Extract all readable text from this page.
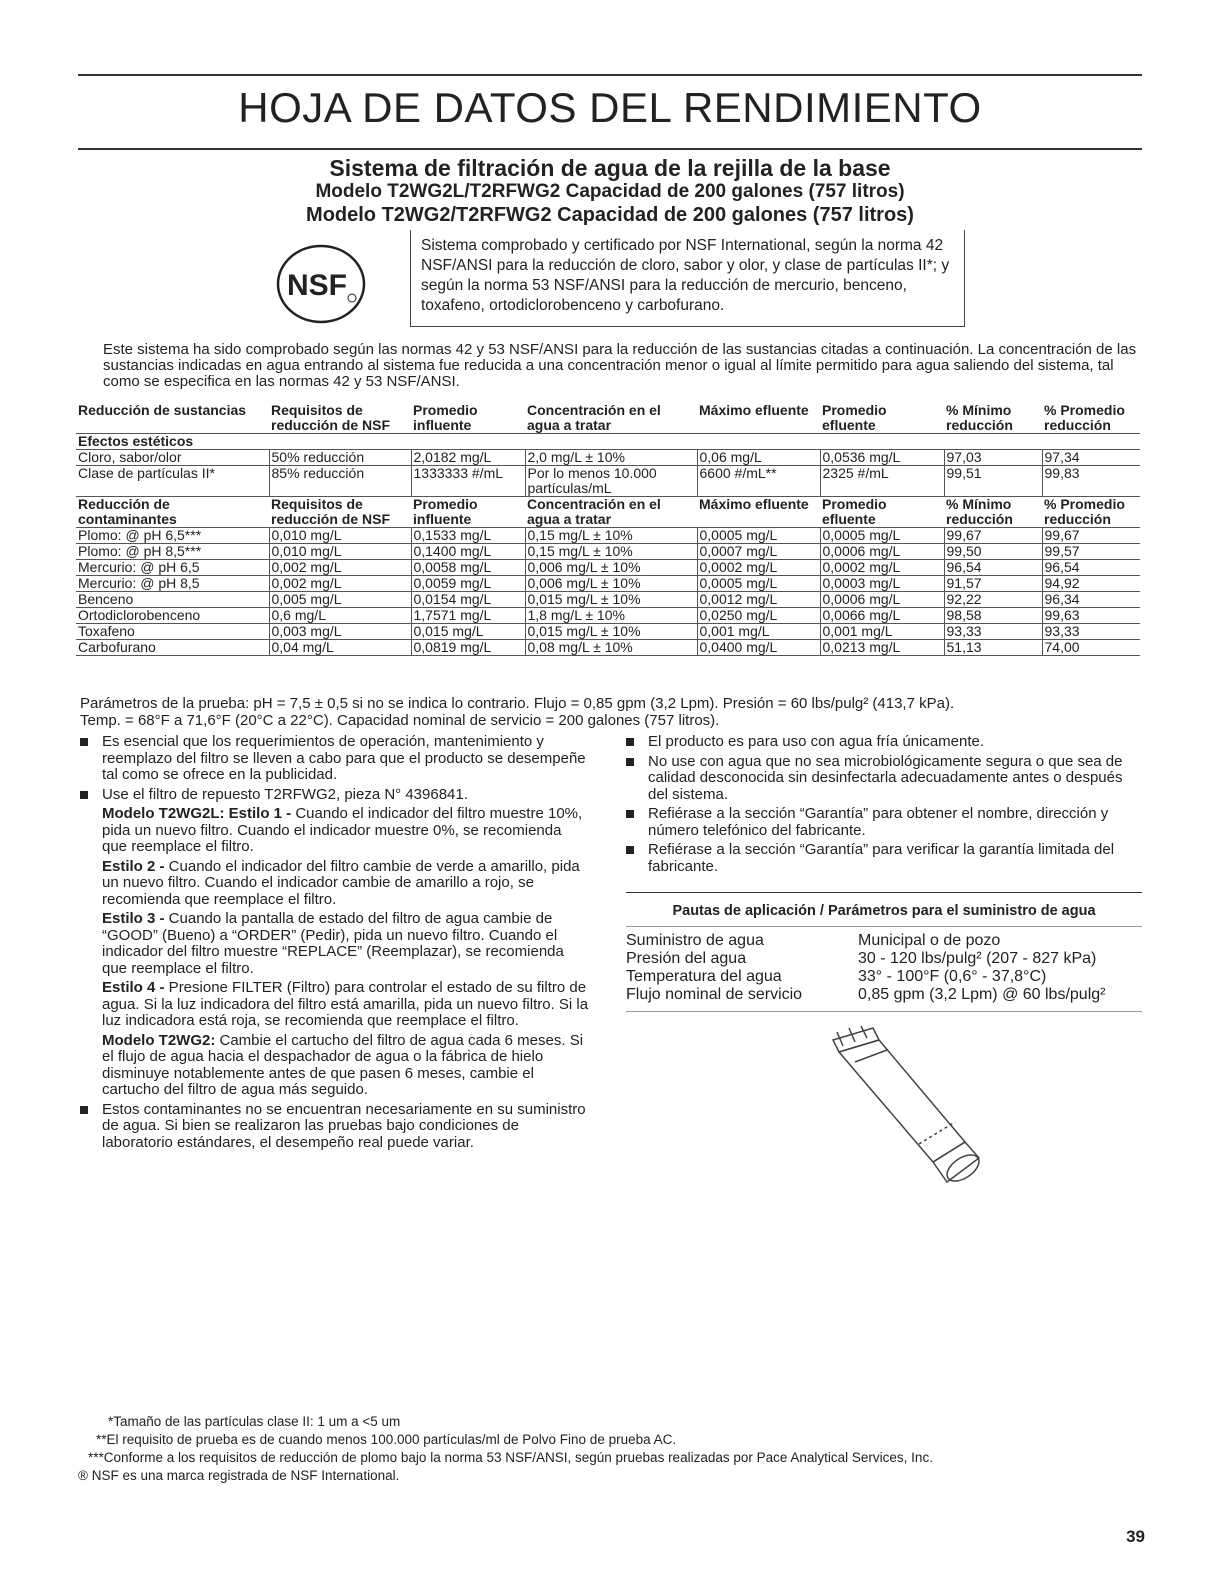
HOJA DE DATOS DEL RENDIMIENTO
Sistema de filtración de agua de la rejilla de la base
Modelo T2WG2L/T2RFWG2 Capacidad de 200 galones (757 litros)
Modelo T2WG2/T2RFWG2 Capacidad de 200 galones (757 litros)
NSF
Sistema comprobado y certificado por NSF International, según la norma 42 NSF/ANSI para la reducción de cloro, sabor y olor, y clase de partículas II*; y según la norma 53 NSF/ANSI para la reducción de mercurio, benceno, toxafeno, ortodiclorobenceno y carbofurano.

Este sistema ha sido comprobado según las normas 42 y 53 NSF/ANSI para la reducción de las sustancias citadas a continuación. La concentración de las sustancias indicadas en agua entrando al sistema fue reducida a una concentración menor o igual al límite permitido para agua saliendo del sistema, tal como se especifica en las normas 42 y 53 NSF/ANSI.

Reducción de sustancias	Requisitos de reducción de NSF	Promedio influente	Concentración en el agua a tratar	Máximo efluente	Promedio efluente	% Mínimo reducción	% Promedio reducción
Efectos estéticos							
Cloro, sabor/olor	50% reducción	2,0182 mg/L	2,0 mg/L ± 10%	0,06 mg/L	0,0536 mg/L	97,03	97,34
Clase de partículas II*	85% reducción	1333333 #/mL	Por lo menos 10.000 partículas/mL	6600 #/mL**	2325 #/mL	99,51	99,83
Reducción de contaminantes	Requisitos de reducción de NSF	Promedio influente	Concentración en el agua a tratar	Máximo efluente	Promedio efluente	% Mínimo reducción	% Promedio reducción
Plomo: @ pH 6,5***	0,010 mg/L	0,1533 mg/L	0,15 mg/L ± 10%	0,0005 mg/L	0,0005 mg/L	99,67	99,67
Plomo: @ pH 8,5***	0,010 mg/L	0,1400 mg/L	0,15 mg/L ± 10%	0,0007 mg/L	0,0006 mg/L	99,50	99,57
Mercurio: @ pH 6,5	0,002 mg/L	0,0058 mg/L	0,006 mg/L ± 10%	0,0002 mg/L	0,0002 mg/L	96,54	96,54
Mercurio: @ pH 8,5	0,002 mg/L	0,0059 mg/L	0,006 mg/L ± 10%	0,0005 mg/L	0,0003 mg/L	91,57	94,92
Benceno	0,005 mg/L	0,0154 mg/L	0,015 mg/L ± 10%	0,0012 mg/L	0,0006 mg/L	92,22	96,34
Ortodiclorobenceno	0,6 mg/L	1,7571 mg/L	1,8 mg/L ± 10%	0,0250 mg/L	0,0066 mg/L	98,58	99,63
Toxafeno	0,003 mg/L	0,015 mg/L	0,015 mg/L ± 10%	0,001 mg/L	0,001 mg/L	93,33	93,33
Carbofurano	0,04 mg/L	0,0819 mg/L	0,08 mg/L ± 10%	0,0400 mg/L	0,0213 mg/L	51,13	74,00

Parámetros de la prueba: pH = 7,5 ± 0,5 si no se indica lo contrario. Flujo = 0,85 gpm (3,2 Lpm). Presión = 60 lbs/pulg² (413,7 kPa).
Temp. = 68°F a 71,6°F (20°C a 22°C). Capacidad nominal de servicio = 200 galones (757 litros).

Es esencial que los requerimientos de operación, mantenimiento y reemplazo del filtro se lleven a cabo para que el producto se desempeñe tal como se ofrece en la publicidad.
Use el filtro de repuesto T2RFWG2, pieza N° 4396841.

Modelo T2WG2L: Estilo 1 - Cuando el indicador del filtro muestre 10%, pida un nuevo filtro. Cuando el indicador muestre 0%, se recomienda que reemplace el filtro.

Estilo 2 - Cuando el indicador del filtro cambie de verde a amarillo, pida un nuevo filtro. Cuando el indicador cambie de amarillo a rojo, se recomienda que reemplace el filtro.

Estilo 3 - Cuando la pantalla de estado del filtro de agua cambie de “GOOD” (Bueno) a “ORDER” (Pedir), pida un nuevo filtro. Cuando el indicador del filtro muestre “REPLACE” (Reemplazar), se recomienda que reemplace el filtro.

Estilo 4 - Presione FILTER (Filtro) para controlar el estado de su filtro de agua. Si la luz indicadora del filtro está amarilla, pida un nuevo filtro. Si la luz indicadora está roja, se recomienda que reemplace el filtro.

Modelo T2WG2: Cambie el cartucho del filtro de agua cada 6 meses. Si el flujo de agua hacia el despachador de agua o la fábrica de hielo disminuye notablemente antes de que pasen 6 meses, cambie el cartucho del filtro de agua más seguido.

Estos contaminantes no se encuentran necesariamente en su suministro de agua. Si bien se realizaron las pruebas bajo condiciones de laboratorio estándares, el desempeño real puede variar.
El producto es para uso con agua fría únicamente.
No use con agua que no sea microbiológicamente segura o que sea de calidad desconocida sin desinfectarla adecuadamente antes o después del sistema.
Refiérase a la sección “Garantía” para obtener el nombre, dirección y número telefónico del fabricante.
Refiérase a la sección “Garantía” para verificar la garantía limitada del fabricante.

Pautas de aplicación / Parámetros para el suministro de agua

Suministro de agua	Municipal o de pozo
Presión del agua	30 - 120 lbs/pulg² (207 - 827 kPa)
Temperatura del agua	33° - 100°F (0,6° - 37,8°C)
Flujo nominal de servicio	0,85 gpm (3,2 Lpm) @ 60 lbs/pulg²

*Tamaño de las partículas clase II: 1 um a <5 um

**El requisito de prueba es de cuando menos 100.000 partículas/ml de Polvo Fino de prueba AC.

***Conforme a los requisitos de reducción de plomo bajo la norma 53 NSF/ANSI, según pruebas realizadas por Pace Analytical Services, Inc.

® NSF es una marca registrada de NSF International.

39
